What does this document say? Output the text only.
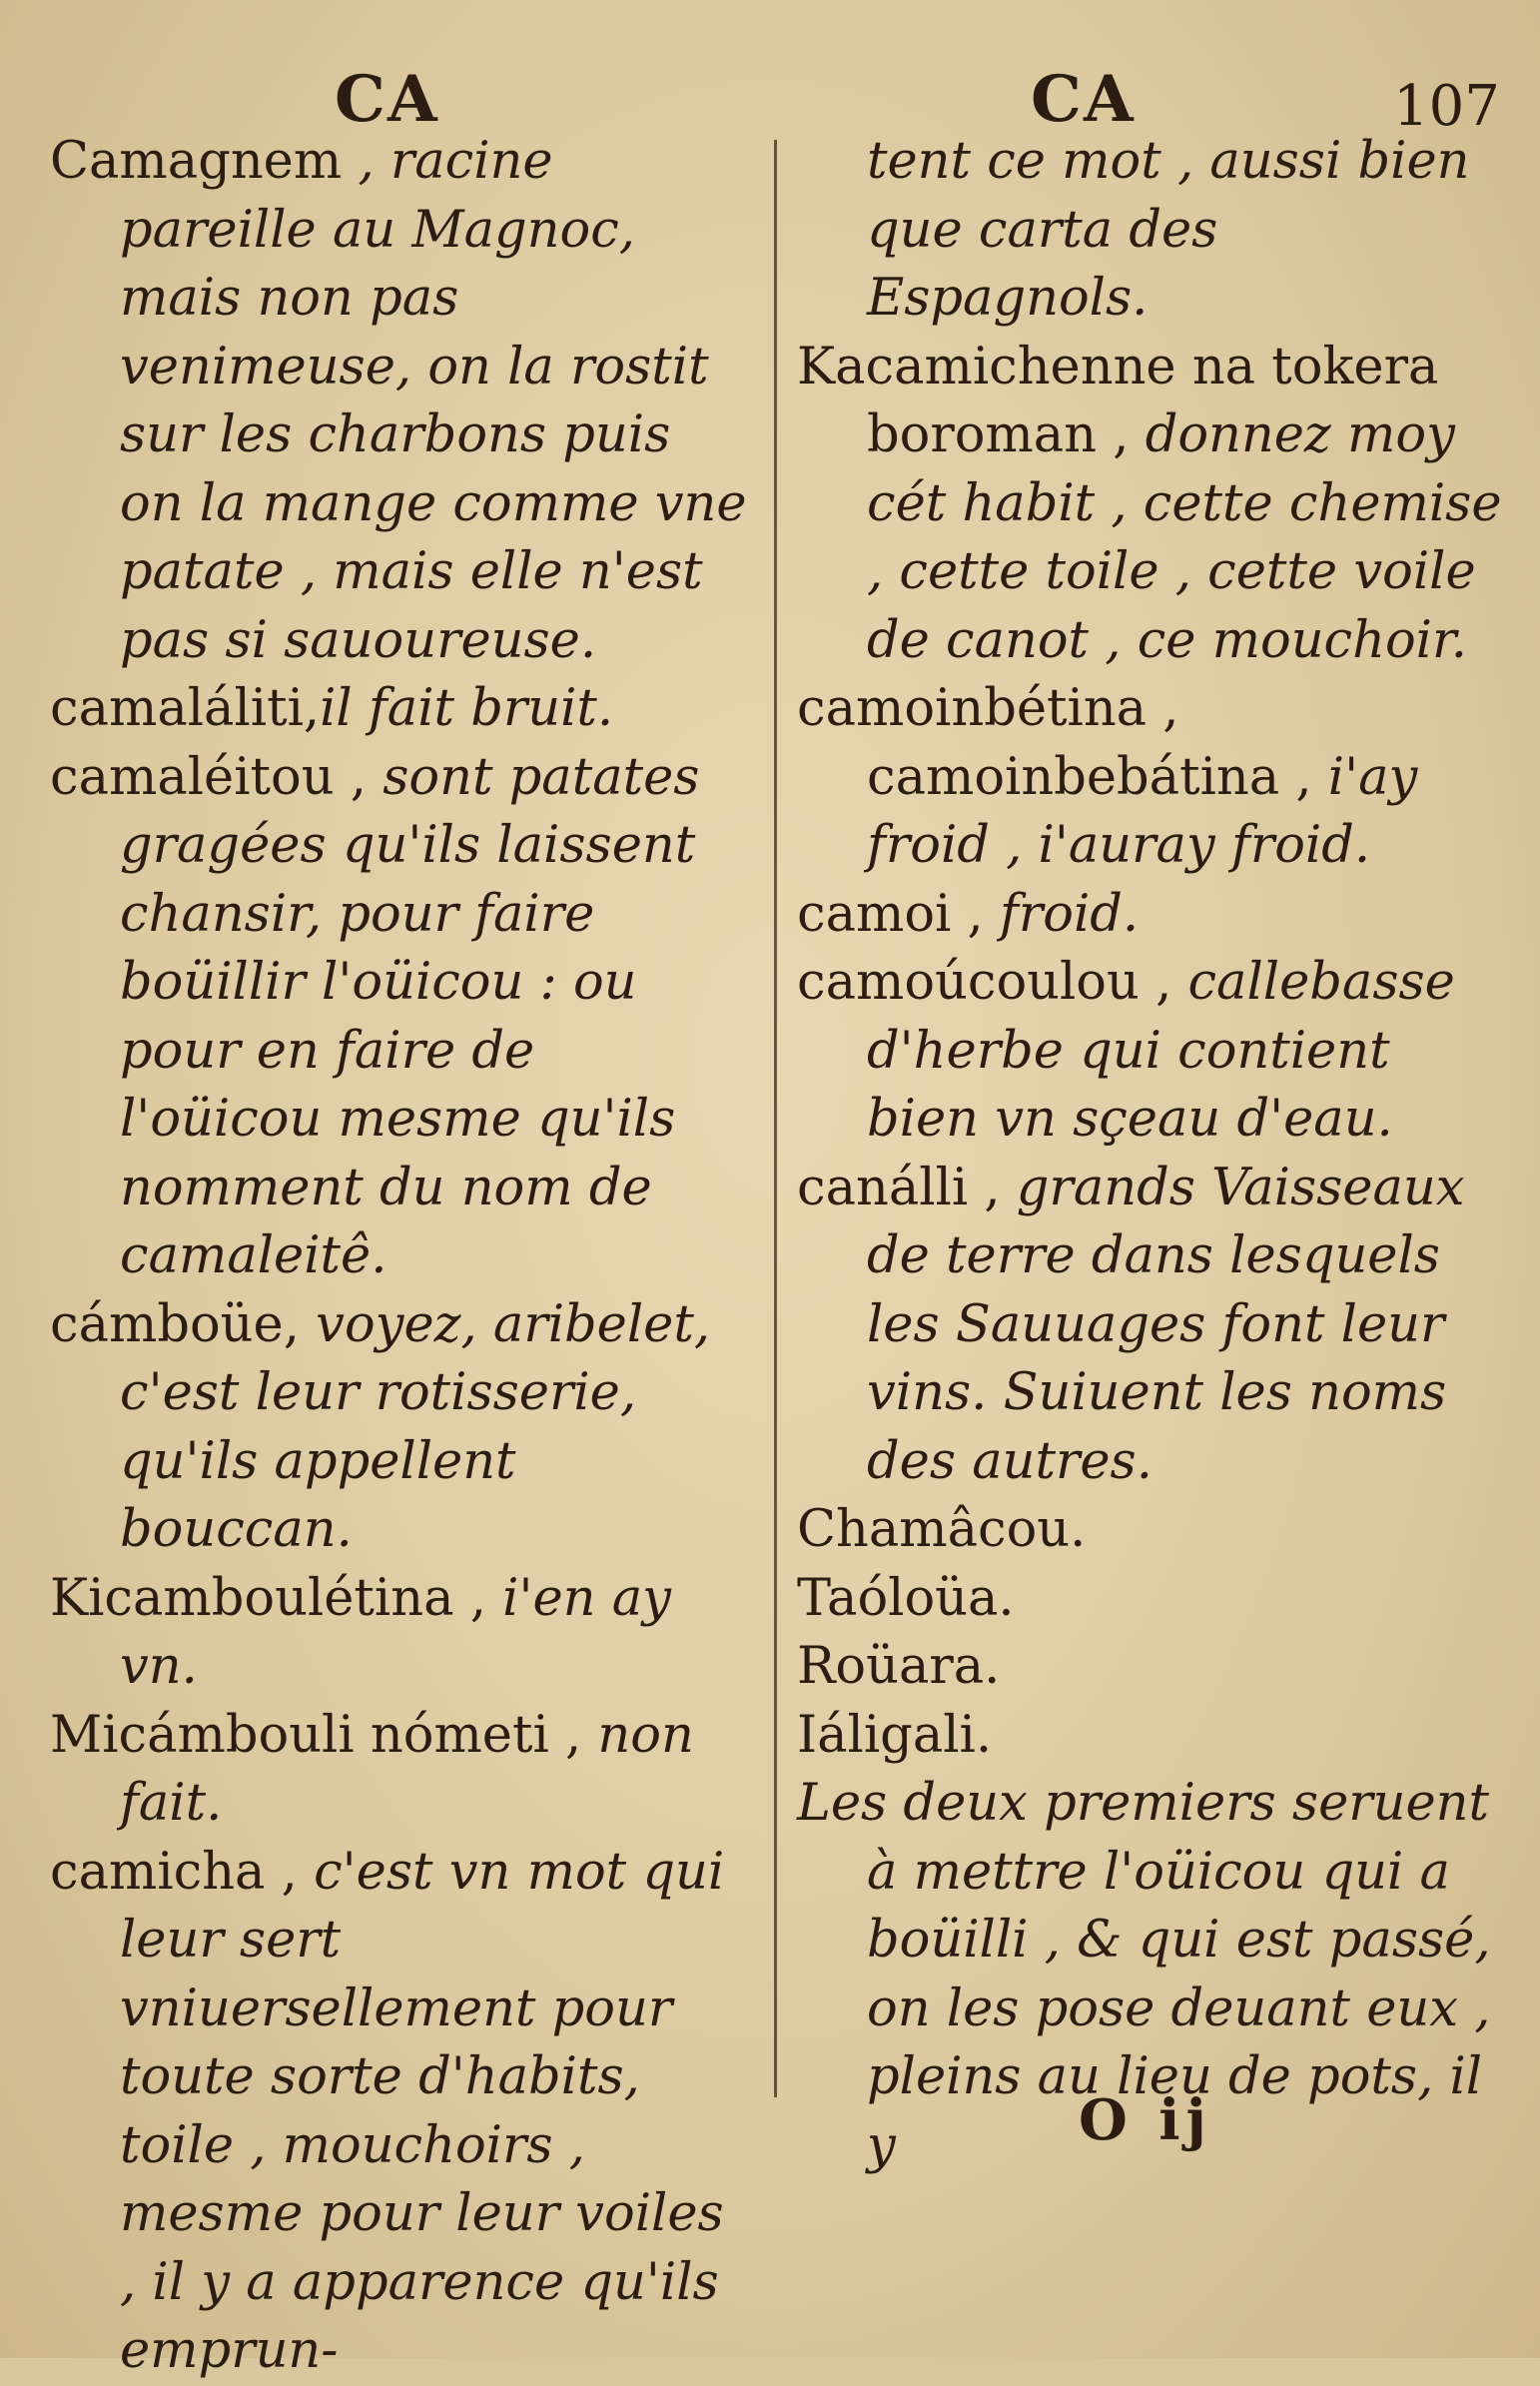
CA	CA	107

Camagnem , racine pareille au Magnoc, mais non pas venimeuse, on la rostit sur les charbons puis on la mange comme vne patate , mais elle n'est pas si sauoureuse.

camaláliti,il fait bruit.

camaléitou , sont patates gragées qu'ils laissent chansir, pour faire boüillir l'oüicou : ou pour en faire de l'oüicou mesme qu'ils nomment du nom de camaleitê.

cámboüe, voyez, aribelet, c'est leur rotisserie, qu'ils appellent bouccan.

Kicamboulétina , i'en ay vn.

Micámbouli nómeti , non fait.

camicha , c'est vn mot qui leur sert vniuersellement pour toute sorte d'habits, toile , mouchoirs , mesme pour leur voiles , il y a apparence qu'ils emprun-

tent ce mot , aussi bien que carta des Espagnols.

Kacamichenne na tokera boroman , donnez moy cét habit , cette chemise , cette toile , cette voile de canot , ce mouchoir.

camoinbétina , camoinbebátina , i'ay froid , i'auray froid.

camoi , froid.

camoúcoulou , callebasse d'herbe qui contient bien vn sçeau d'eau.

canálli , grands Vaisseaux de terre dans lesquels les Sauuages font leur vins. Suiuent les noms des autres.

Chamâcou.

Taóloüa.

Roüara.

Iáligali.

Les deux premiers seruent à mettre l'oüicou qui a boüilli , & qui est passé, on les pose deuant eux , pleins au lieu de pots, il y	O ij
